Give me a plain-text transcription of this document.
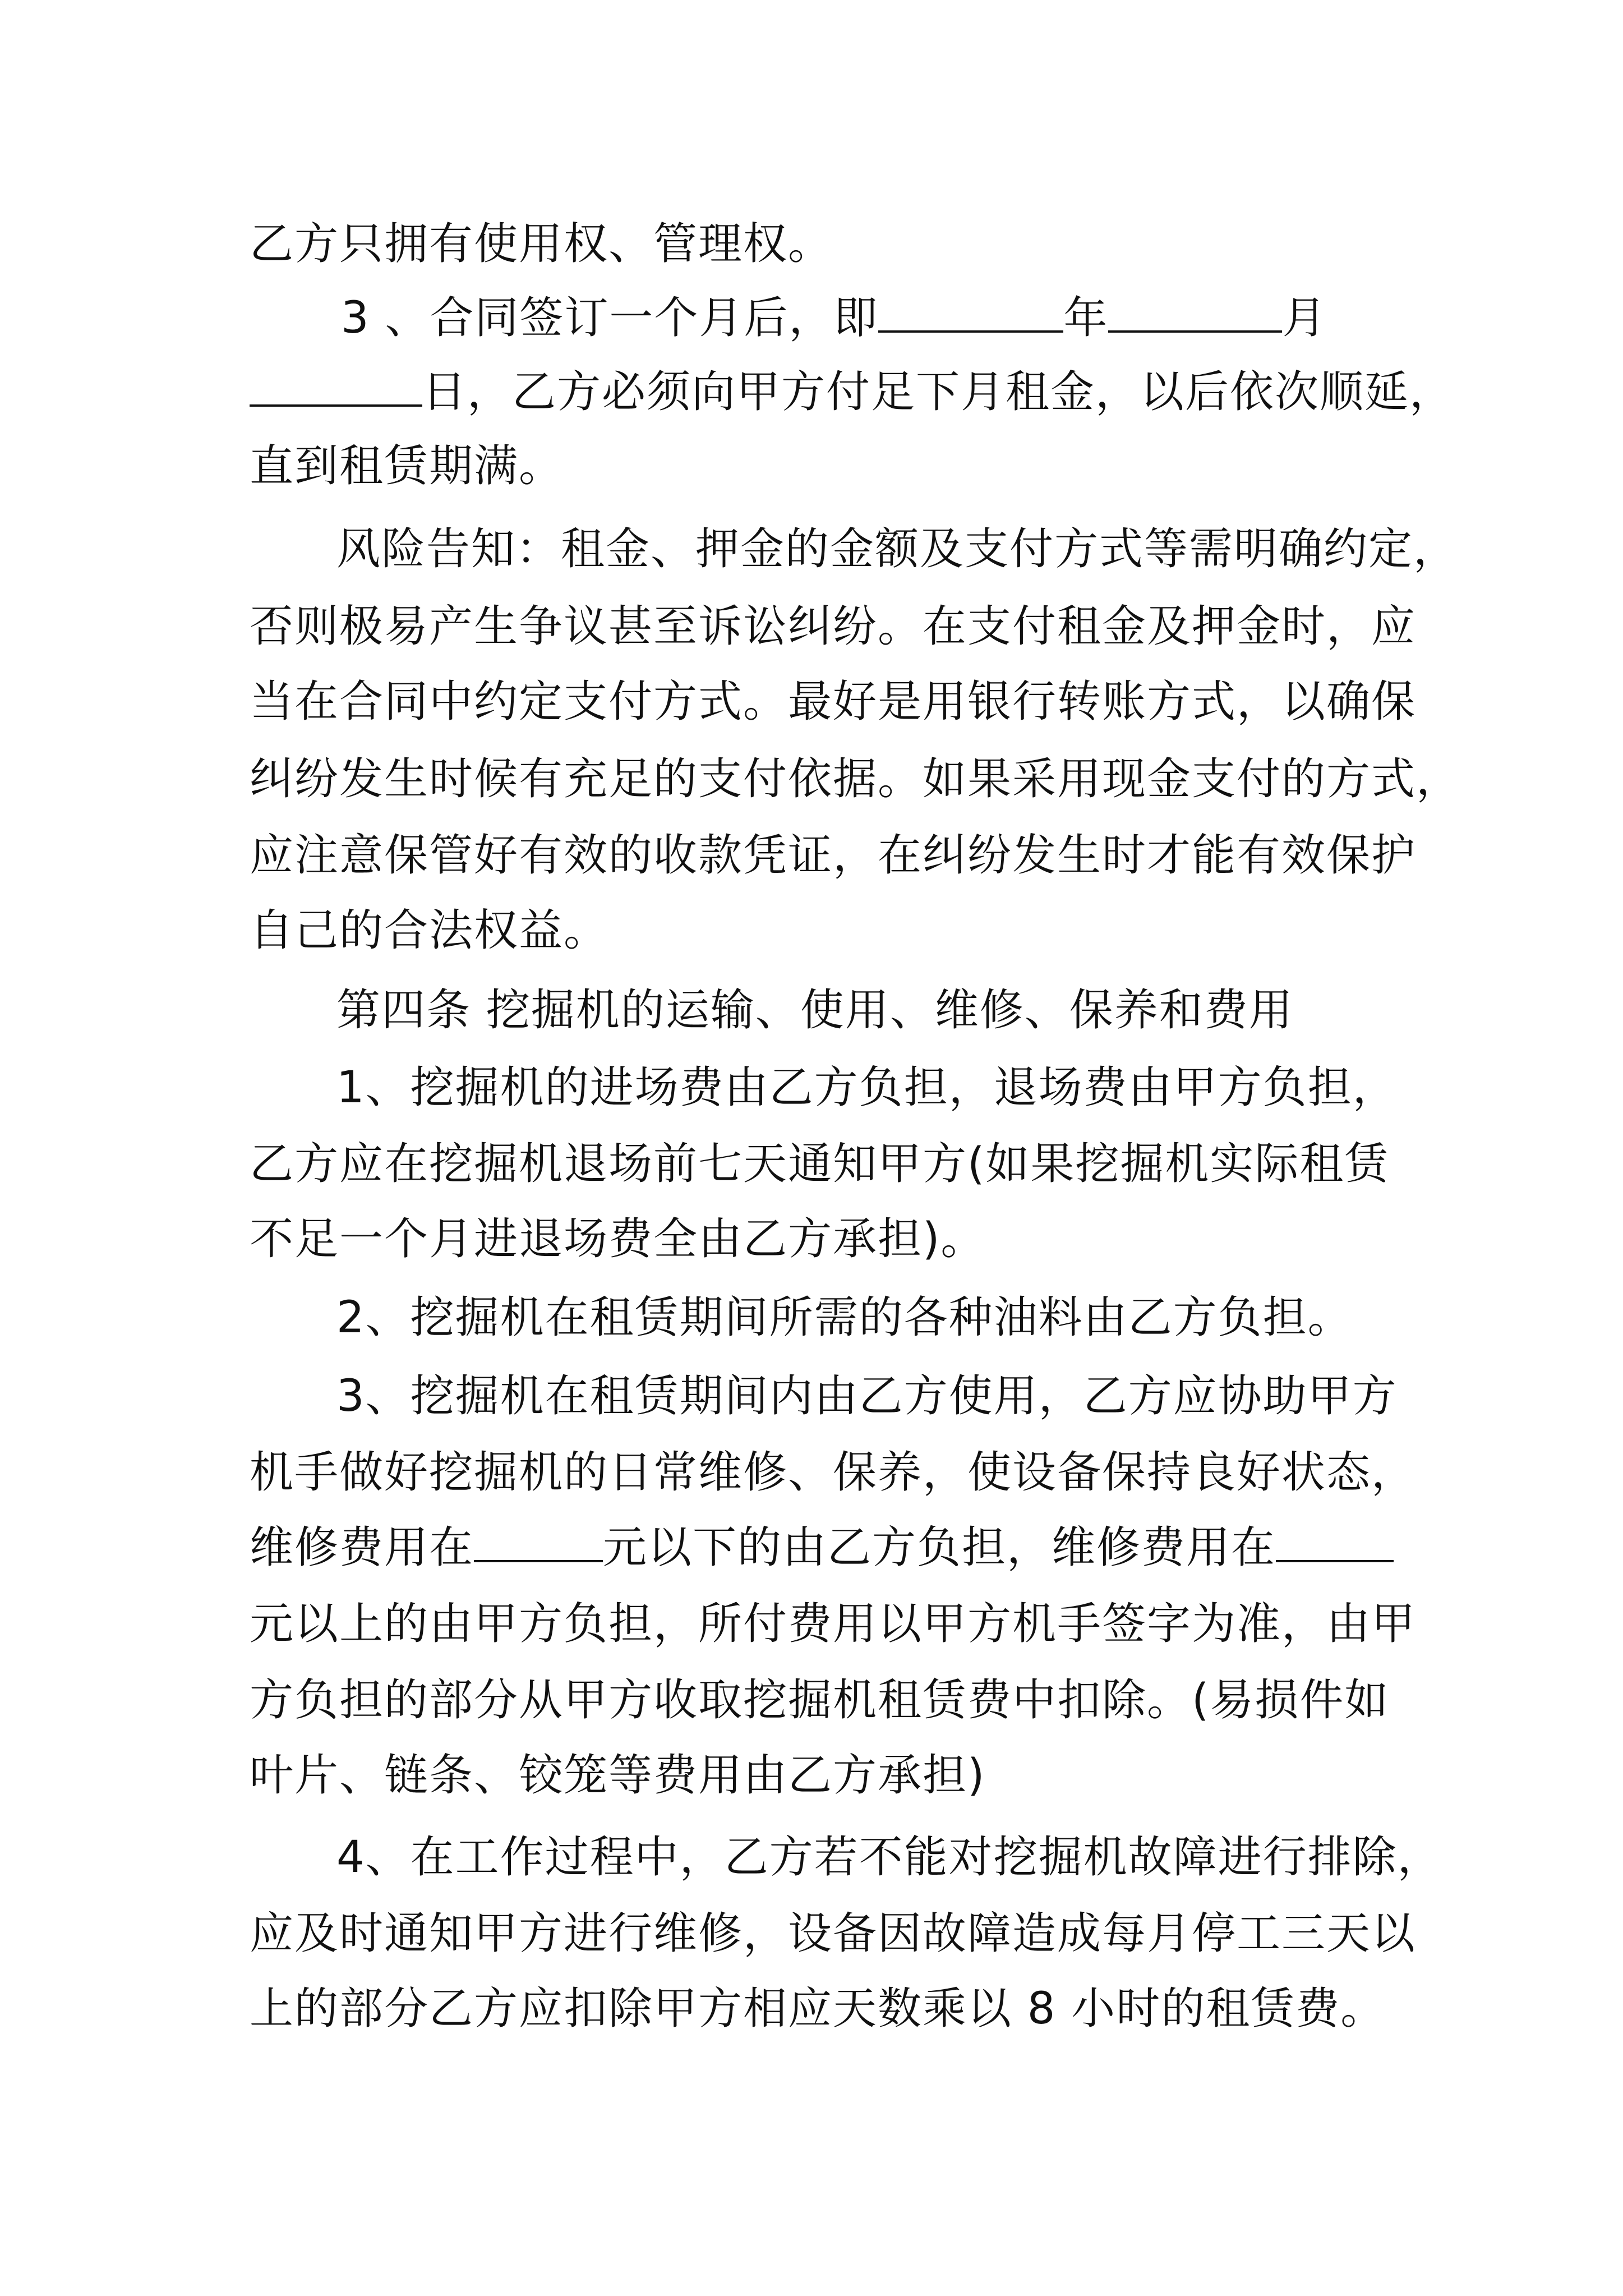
乙方只拥有使用权、管理权。
3 、合同签订一个月后，即	年	月
日，乙方必须向甲方付足下月租金，以后依次顺延，
直到租赁期满。
风险告知：租金、押金的金额及支付方式等需明确约定，
否则极易产生争议甚至诉讼纠纷。在支付租金及押金时，应
当在合同中约定支付方式。最好是用银行转账方式，以确保
纠纷发生时候有充足的支付依据。如果采用现金支付的方式，
应注意保管好有效的收款凭证，在纠纷发生时才能有效保护
自己的合法权益。
第四条 挖掘机的运输、使用、维修、保养和费用
1、挖掘机的进场费由乙方负担，退场费由甲方负担，
乙方应在挖掘机退场前七天通知甲方(如果挖掘机实际租赁
不足一个月进退场费全由乙方承担)。
2、挖掘机在租赁期间所需的各种油料由乙方负担。
3、挖掘机在租赁期间内由乙方使用，乙方应协助甲方
机手做好挖掘机的日常维修、保养，使设备保持良好状态，
维修费用在	元以下的由乙方负担，维修费用在
元以上的由甲方负担，所付费用以甲方机手签字为准，由甲
方负担的部分从甲方收取挖掘机租赁费中扣除。(易损件如
叶片、链条、铰笼等费用由乙方承担)
4、在工作过程中，乙方若不能对挖掘机故障进行排除，
应及时通知甲方进行维修，设备因故障造成每月停工三天以
上的部分乙方应扣除甲方相应天数乘以 8 小时的租赁费。
